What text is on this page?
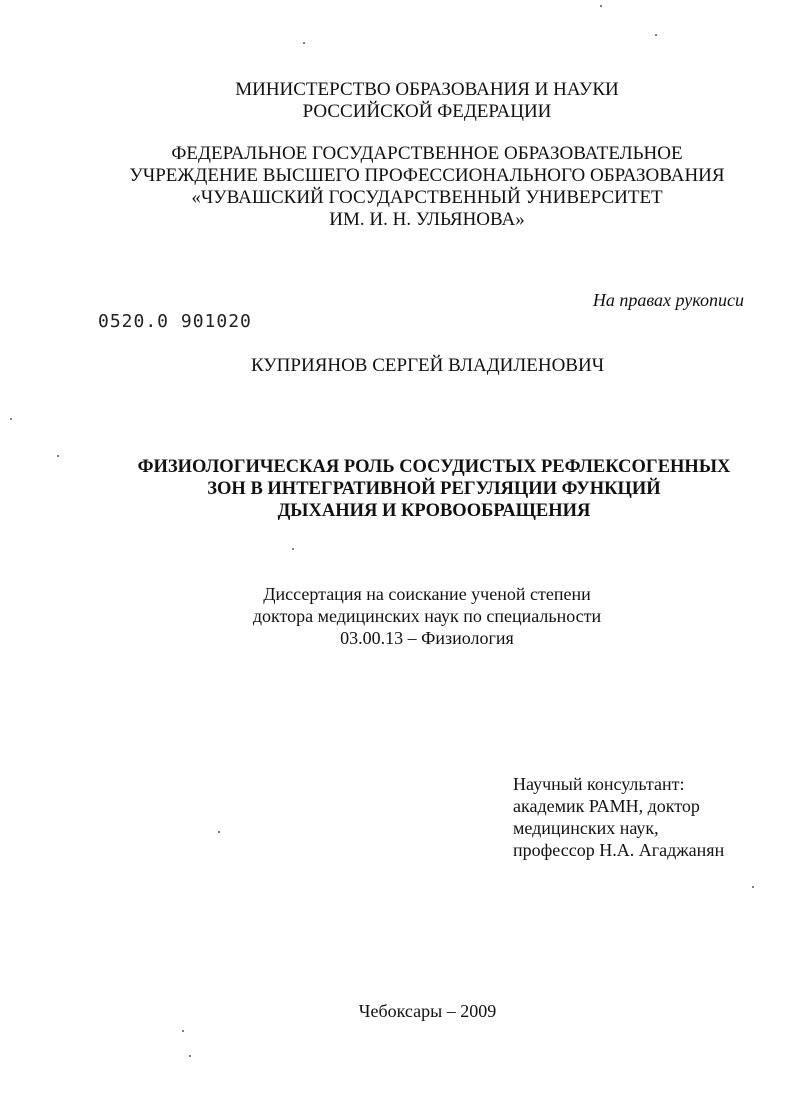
МИНИСТЕРСТВО ОБРАЗОВАНИЯ И НАУКИ
РОССИЙСКОЙ ФЕДЕРАЦИИ
ФЕДЕРАЛЬНОЕ ГОСУДАРСТВЕННОЕ ОБРАЗОВАТЕЛЬНОЕ
УЧРЕЖДЕНИЕ ВЫСШЕГО ПРОФЕССИОНАЛЬНОГО ОБРАЗОВАНИЯ
«ЧУВАШСКИЙ ГОСУДАРСТВЕННЫЙ УНИВЕРСИТЕТ
ИМ. И. Н. УЛЬЯНОВА»
На правах рукописи
0520.0 901020
КУПРИЯНОВ СЕРГЕЙ ВЛАДИЛЕНОВИЧ
ФИЗИОЛОГИЧЕСКАЯ РОЛЬ СОСУДИСТЫХ РЕФЛЕКСОГЕННЫХ
ЗОН В ИНТЕГРАТИВНОЙ РЕГУЛЯЦИИ ФУНКЦИЙ
ДЫХАНИЯ И КРОВООБРАЩЕНИЯ
Диссертация на соискание ученой степени
доктора медицинских наук по специальности
03.00.13 – Физиология
Научный консультант:
академик РАМН, доктор
медицинских наук,
профессор Н.А. Агаджанян
Чебоксары – 2009
